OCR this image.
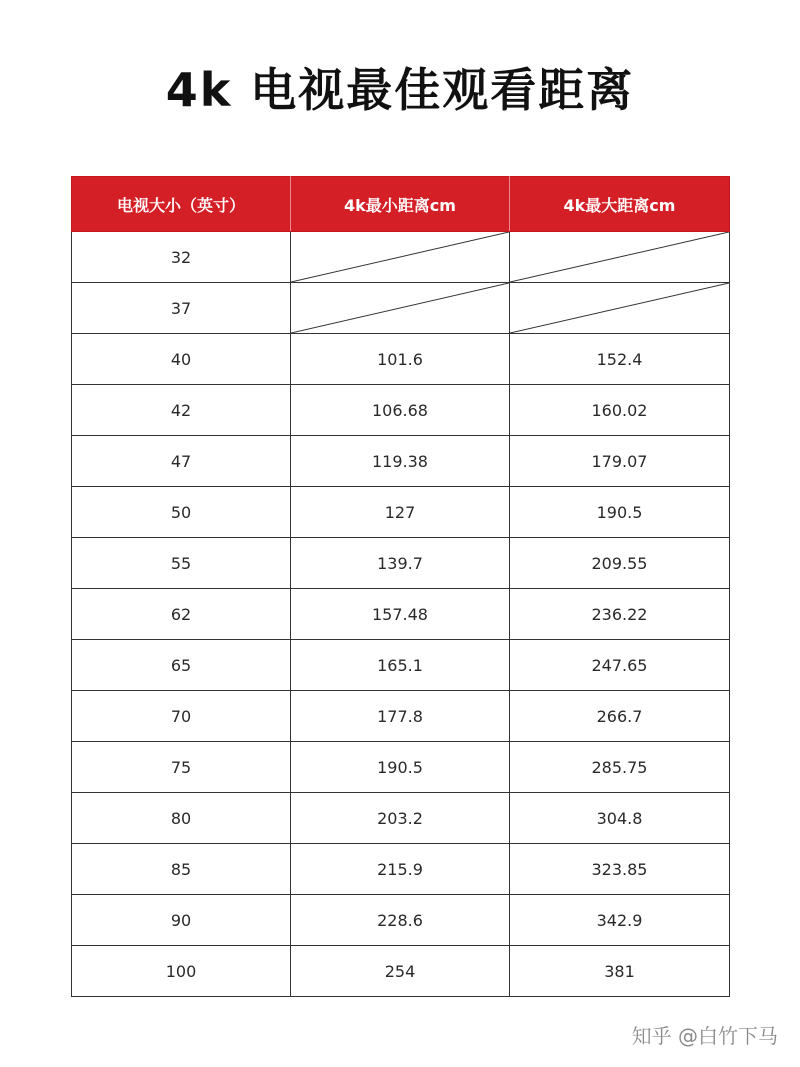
4k 电视最佳观看距离
电视大小（英寸）	4k最小距离cm	4k最大距离cm
32	

37	

40	101.6	152.4
42	106.68	160.02
47	119.38	179.07
50	127	190.5
55	139.7	209.55
62	157.48	236.22
65	165.1	247.65
70	177.8	266.7
75	190.5	285.75
80	203.2	304.8
85	215.9	323.85
90	228.6	342.9
100	254	381
知乎 @白竹下马
